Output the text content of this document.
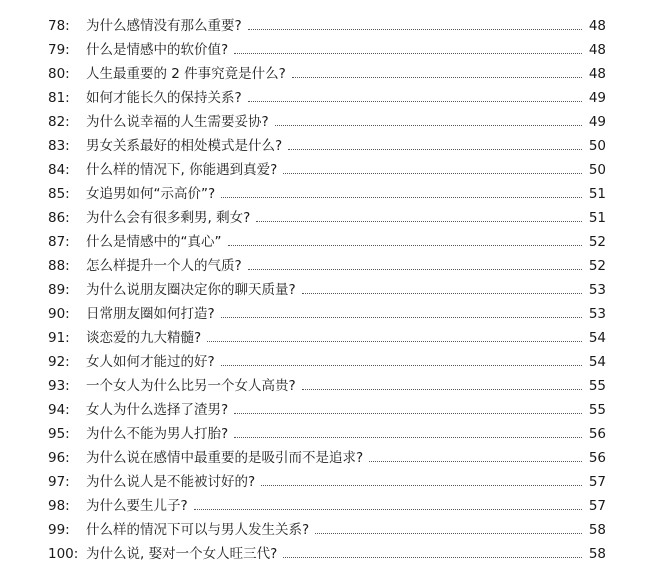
78:	为什么感情没有那么重要?	48
79:	什么是情感中的软价值?	48
80:	人生最重要的 2 件事究竟是什么?	48
81:	如何才能长久的保持关系?	49
82:	为什么说幸福的人生需要妥协?	49
83:	男女关系最好的相处模式是什么?	50
84:	什么样的情况下, 你能遇到真爱?	50
85:	女追男如何“示高价”?	51
86:	为什么会有很多剩男, 剩女?	51
87:	什么是情感中的“真心”	52
88:	怎么样提升一个人的气质?	52
89:	为什么说朋友圈决定你的聊天质量?	53
90:	日常朋友圈如何打造?	53
91:	谈恋爱的九大精髓?	54
92:	女人如何才能过的好?	54
93:	一个女人为什么比另一个女人高贵?	55
94:	女人为什么选择了渣男?	55
95:	为什么不能为男人打胎?	56
96:	为什么说在感情中最重要的是吸引而不是追求?	56
97:	为什么说人是不能被讨好的?	57
98:	为什么要生儿子?	57
99:	什么样的情况下可以与男人发生关系?	58
100: 为什么说, 娶对一个女人旺三代?	58
